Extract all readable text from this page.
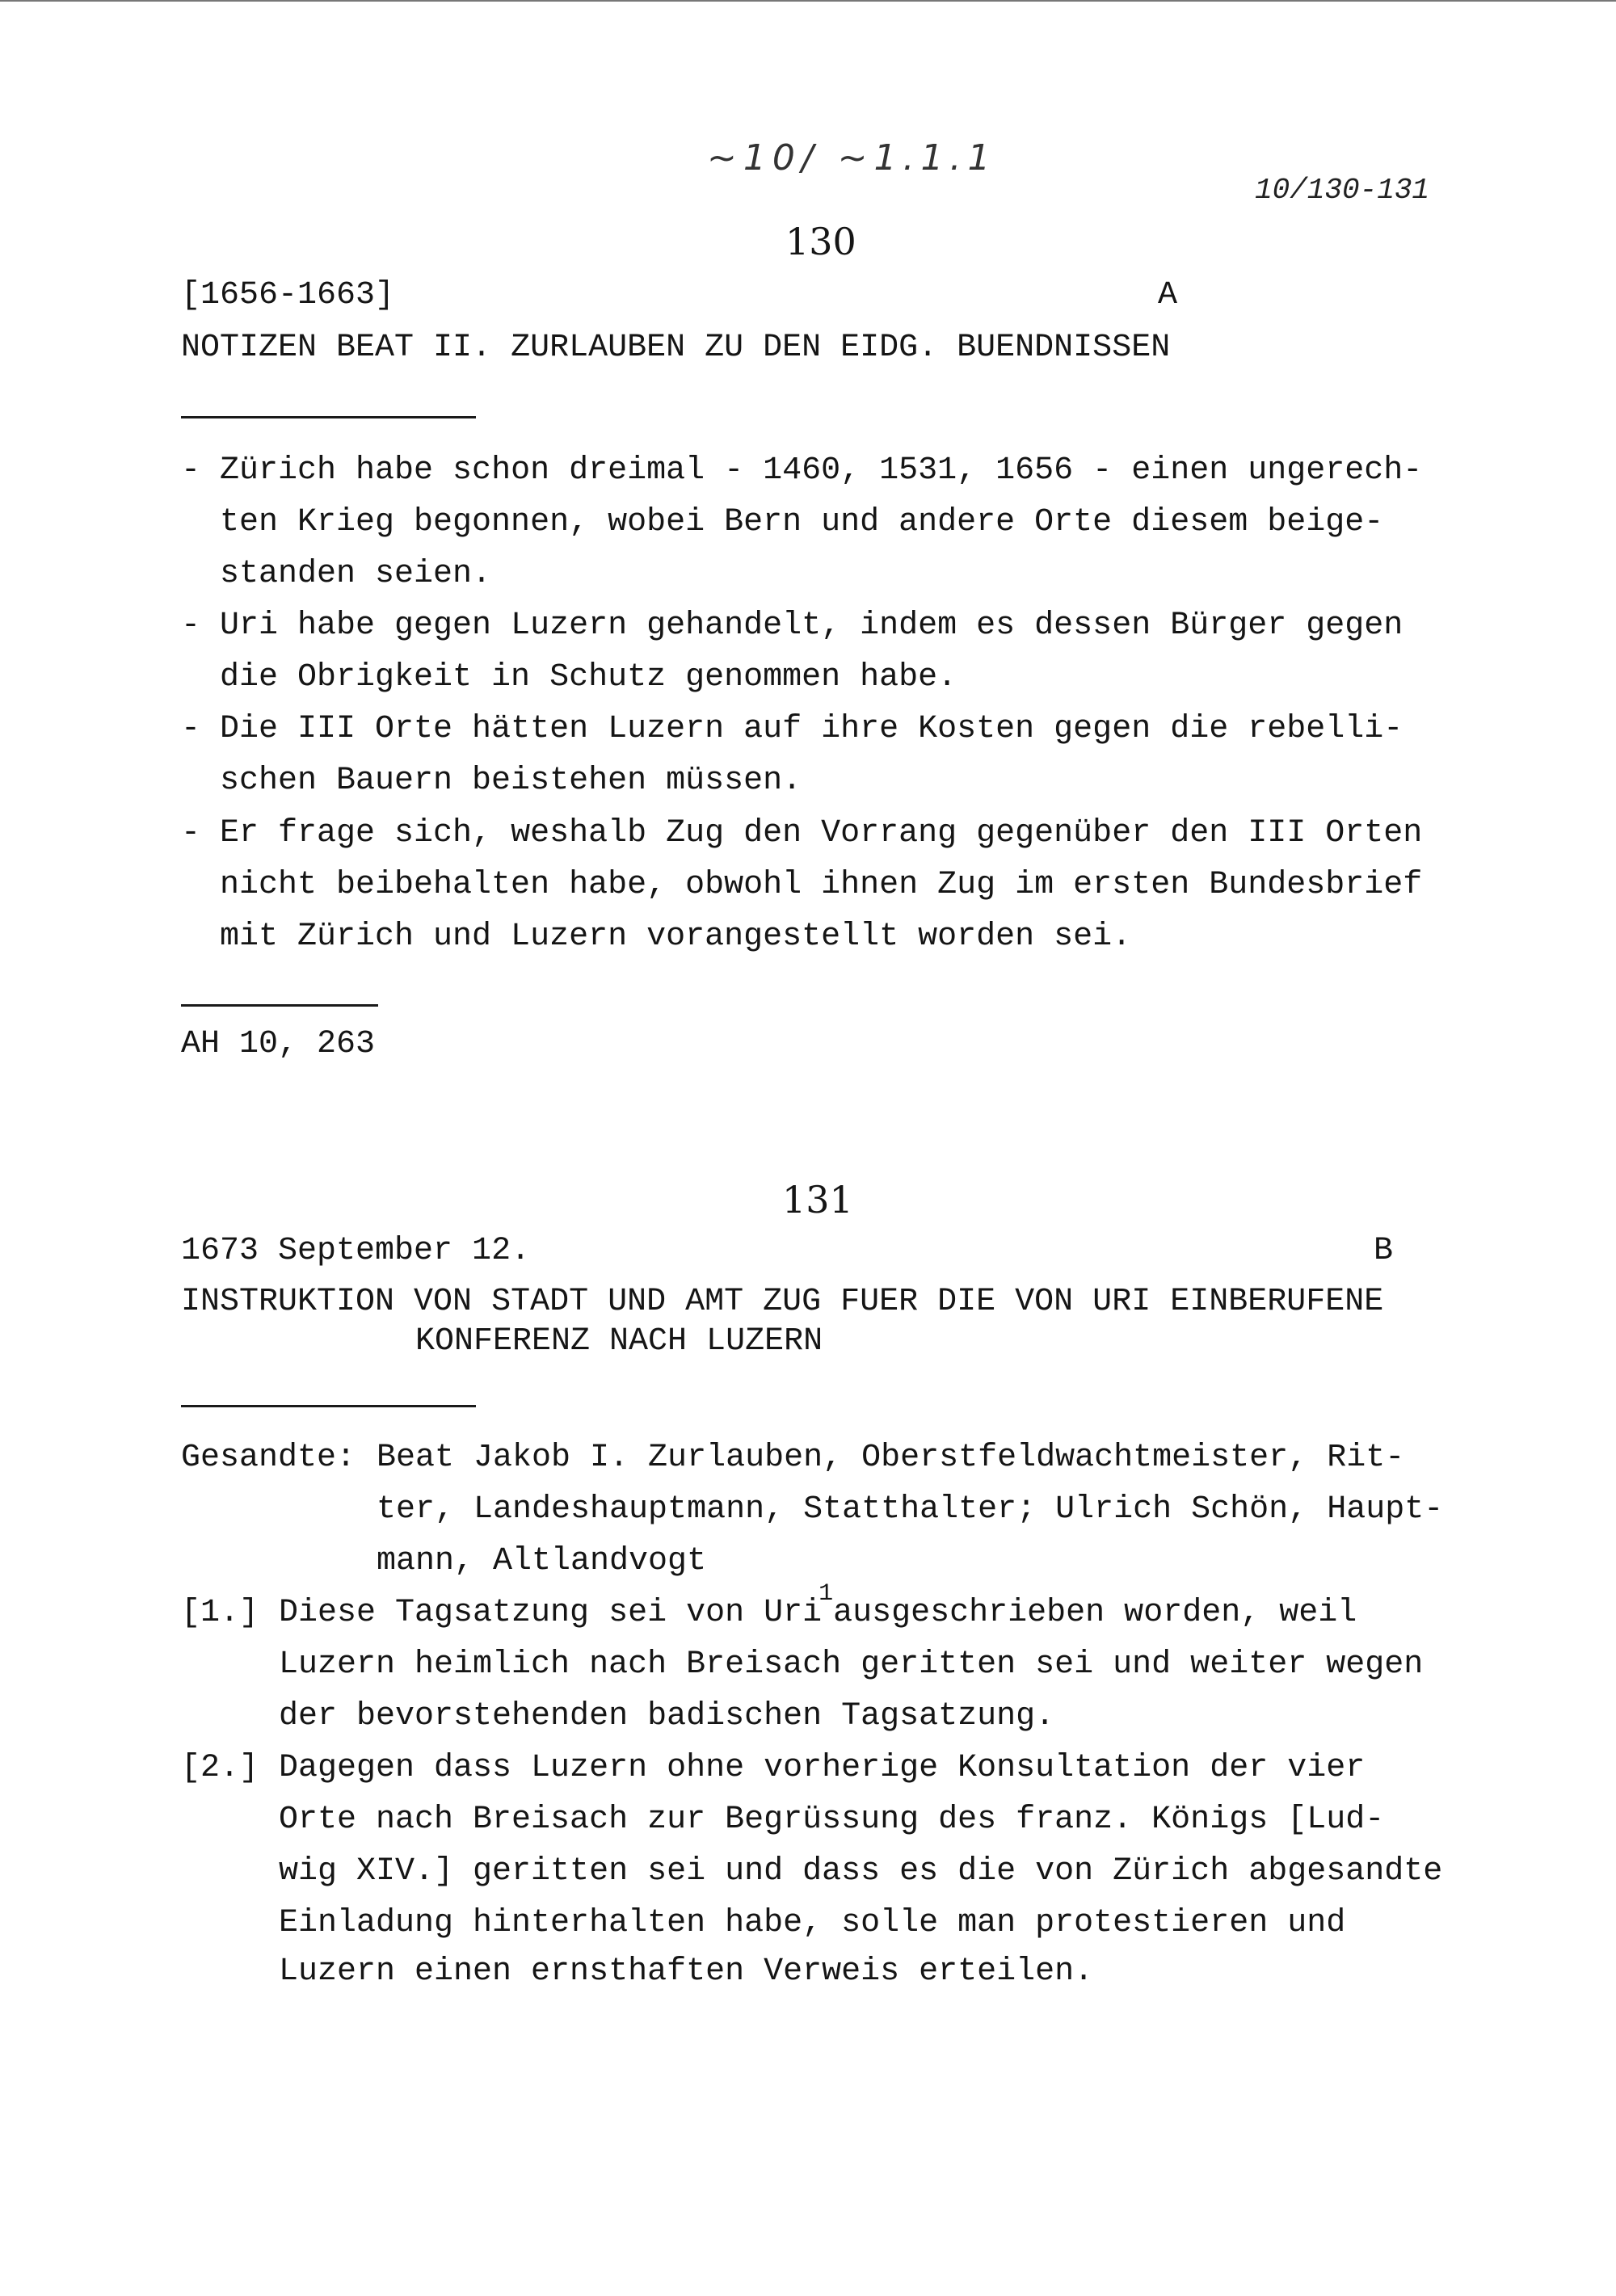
~10/ ~1.1.1
10/130-131
130
[1656-1663]	A
NOTIZEN BEAT II. ZURLAUBEN ZU DEN EIDG. BUENDNISSEN
- Zürich habe schon dreimal - 1460, 1531, 1656 - einen ungerech-
ten Krieg begonnen, wobei Bern und andere Orte diesem beige-
standen seien.
- Uri habe gegen Luzern gehandelt, indem es dessen Bürger gegen
die Obrigkeit in Schutz genommen habe.
- Die III Orte hätten Luzern auf ihre Kosten gegen die rebelli-
schen Bauern beistehen müssen.
- Er frage sich, weshalb Zug den Vorrang gegenüber den III Orten
nicht beibehalten habe, obwohl ihnen Zug im ersten Bundesbrief
mit Zürich und Luzern vorangestellt worden sei.
AH 10, 263
131
1673 September 12.	B
INSTRUKTION VON STADT UND AMT ZUG FUER DIE VON URI EINBERUFENE
KONFERENZ NACH LUZERN
Gesandte: Beat Jakob I. Zurlauben, Oberstfeldwachtmeister, Rit-
ter, Landeshauptmann, Statthalter; Ulrich Schön, Haupt-
mann, Altlandvogt
[1.] Diese Tagsatzung sei von Uri$^1$ausgeschrieben worden, weil
Luzern heimlich nach Breisach geritten sei und weiter wegen
der bevorstehenden badischen Tagsatzung.
[2.] Dagegen dass Luzern ohne vorherige Konsultation der vier
Orte nach Breisach zur Begrüssung des franz. Königs [Lud-
wig XIV.] geritten sei und dass es die von Zürich abgesandte
Einladung hinterhalten habe, solle man protestieren und
Luzern einen ernsthaften Verweis erteilen.
